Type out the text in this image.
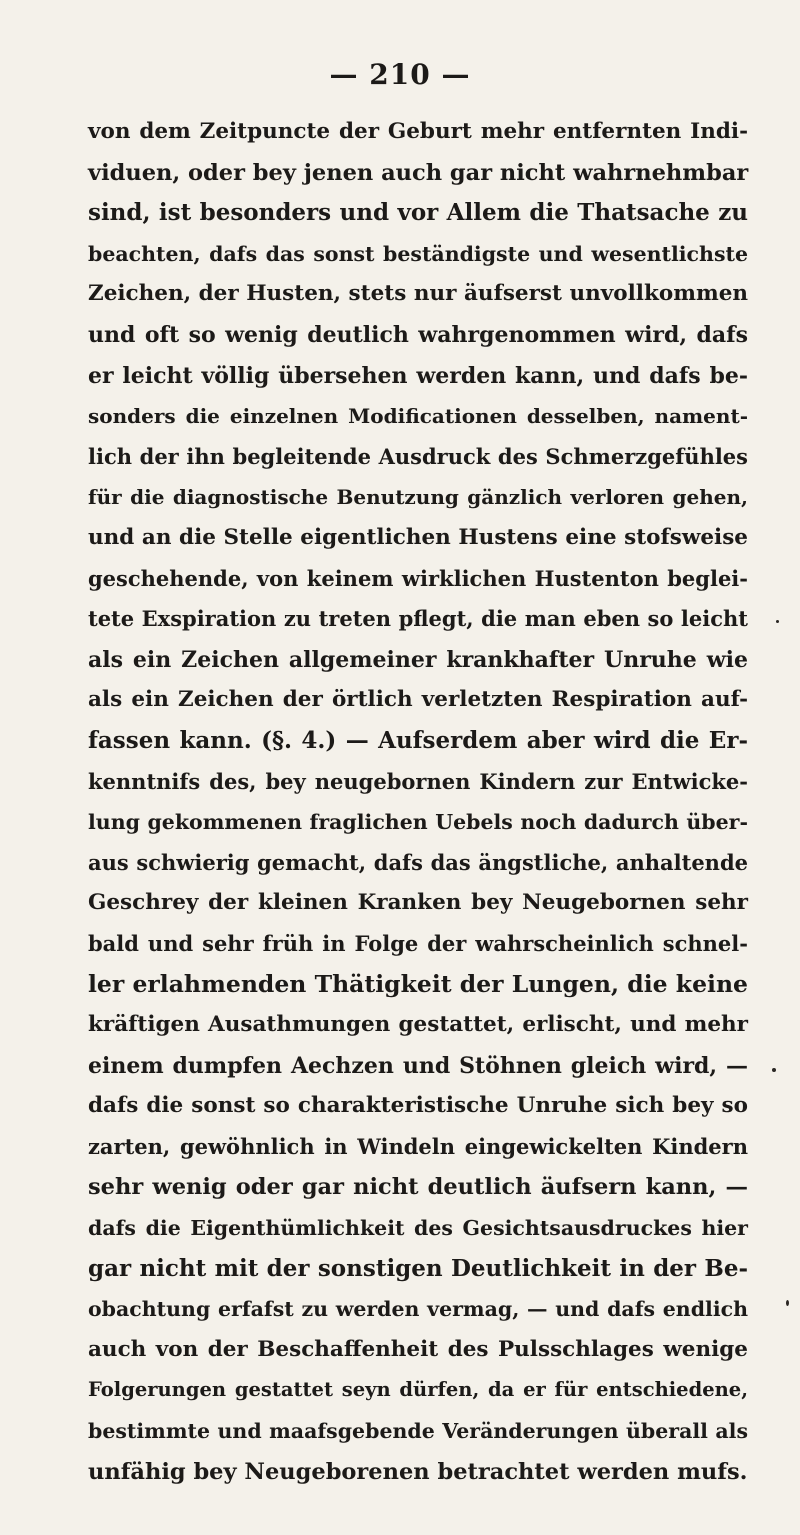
— 210 —
von dem Zeitpuncte der Geburt mehr entfernten Indi-
viduen, oder bey jenen auch gar nicht wahrnehmbar
sind, ist besonders und vor Allem die Thatsache zu
beachten, dafs das sonst beständigste und wesentlichste
Zeichen, der Husten, stets nur äufserst unvollkommen
und oft so wenig deutlich wahrgenommen wird, dafs
er leicht völlig übersehen werden kann, und dafs be-
sonders die einzelnen Modificationen desselben, nament-
lich der ihn begleitende Ausdruck des Schmerzgefühles
für die diagnostische Benutzung gänzlich verloren gehen,
und an die Stelle eigentlichen Hustens eine stofsweise
geschehende, von keinem wirklichen Hustenton beglei-
tete Exspiration zu treten pflegt, die man eben so leicht
als ein Zeichen allgemeiner krankhafter Unruhe wie
als ein Zeichen der örtlich verletzten Respiration auf-
fassen kann. (§. 4.) — Aufserdem aber wird die Er-
kenntnifs des, bey neugebornen Kindern zur Entwicke-
lung gekommenen fraglichen Uebels noch dadurch über-
aus schwierig gemacht, dafs das ängstliche, anhaltende
Geschrey der kleinen Kranken bey Neugebornen sehr
bald und sehr früh in Folge der wahrscheinlich schnel-
ler erlahmenden Thätigkeit der Lungen, die keine
kräftigen Ausathmungen gestattet, erlischt, und mehr
einem dumpfen Aechzen und Stöhnen gleich wird, —
dafs die sonst so charakteristische Unruhe sich bey so
zarten, gewöhnlich in Windeln eingewickelten Kindern
sehr wenig oder gar nicht deutlich äufsern kann, —
dafs die Eigenthümlichkeit des Gesichtsausdruckes hier
gar nicht mit der sonstigen Deutlichkeit in der Be-
obachtung erfafst zu werden vermag, — und dafs endlich
auch von der Beschaffenheit des Pulsschlages wenige
Folgerungen gestattet seyn dürfen, da er für entschiedene,
bestimmte und maafsgebende Veränderungen überall als
unfähig bey Neugeborenen betrachtet werden mufs.
